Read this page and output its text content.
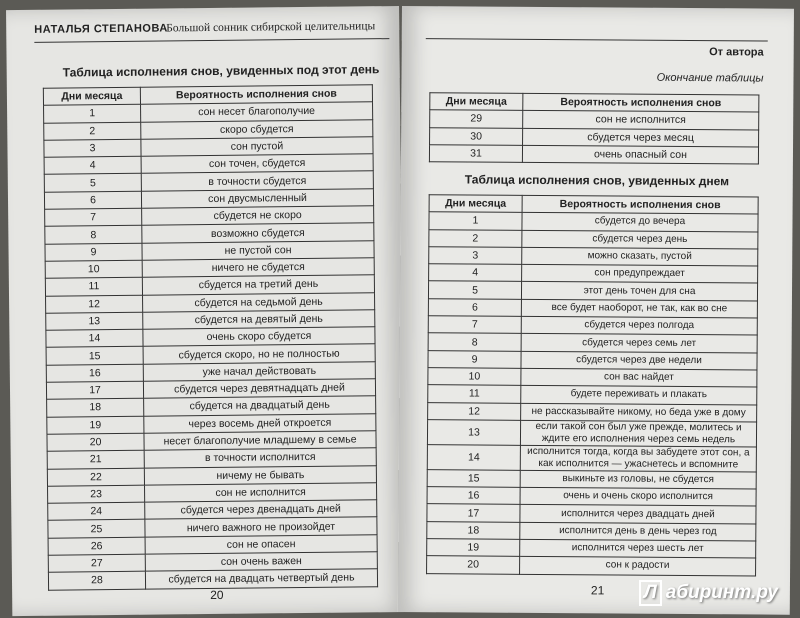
НАТАЛЬЯ СТЕПАНОВА
Большой сонник сибирской целительницы
Таблица исполнения снов, увиденных под этот день
Дни месяца	Вероятность исполнения снов
1	сон несет благополучие
2	скоро сбудется
3	сон пустой
4	сон точен, сбудется
5	в точности сбудется
6	сон двусмысленный
7	сбудется не скоро
8	возможно сбудется
9	не пустой сон
10	ничего не сбудется
11	сбудется на третий день
12	сбудется на седьмой день
13	сбудется на девятый день
14	очень скоро сбудется
15	сбудется скоро, но не полностью
16	уже начал действовать
17	сбудется через девятнадцать дней
18	сбудется на двадцатый день
19	через восемь дней откроется
20	несет благополучие младшему в семье
21	в точности исполнится
22	ничему не бывать
23	сон не исполнится
24	сбудется через двенадцать дней
25	ничего важного не произойдет
26	сон не опасен
27	сон очень важен
28	сбудется на двадцать четвертый день
20
От автора
Окончание таблицы
Дни месяца	Вероятность исполнения снов
29	сон не исполнится
30	сбудется через месяц
31	очень опасный сон
Таблица исполнения снов, увиденных днем
Дни месяца	Вероятность исполнения снов
1	сбудется до вечера
2	сбудется через день
3	можно сказать, пустой
4	сон предупреждает
5	этот день точен для сна
6	все будет наоборот, не так, как во сне
7	сбудется через полгода
8	сбудется через семь лет
9	сбудется через две недели
10	сон вас найдет
11	будете переживать и плакать
12	не рассказывайте никому, но беда уже в дому
13	если такой сон был уже прежде, молитесь и ждите его исполнения через семь недель
14	исполнится тогда, когда вы забудете этот сон, а как исполнится — ужаснетесь и вспомните
15	выкиньте из головы, не сбудется
16	очень и очень скоро исполнится
17	исполнится через двадцать дней
18	исполнится день в день через год
19	исполнится через шесть лет
20	сон к радости
21 Л абиринт.ру
